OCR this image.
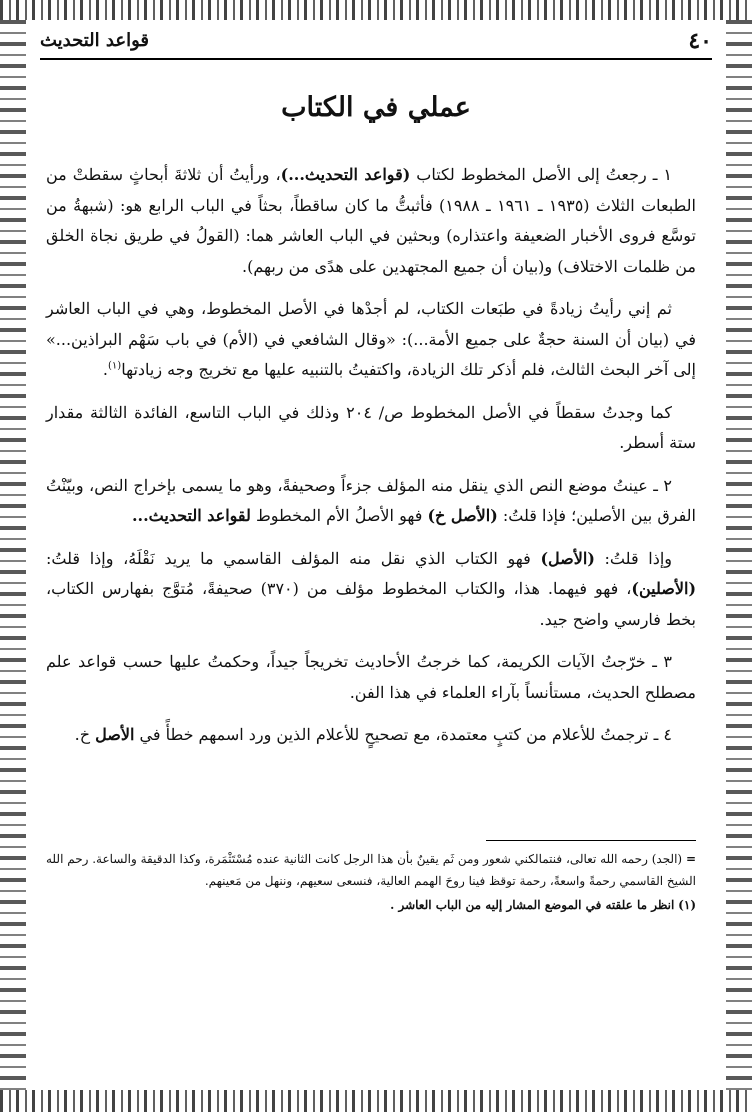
٤٠
قواعد التحديث
عملي في الكتاب

١ ـ رجعتُ إلى الأصل المخطوط لكتاب (قواعد التحديث...)، ورأيتُ أن ثلاثةَ أبحاثٍ سقطتْ من الطبعات الثلاث (١٩٣٥ ـ ١٩٦١ ـ ١٩٨٨) فأثبتُّ ما كان ساقطاً، بحثاً في الباب الرابع هو: (شبهةُ من توسَّع فروى الأخبار الضعيفة واعتذاره) وبحثين في الباب العاشر هما: (القولُ في طريق نجاة الخلق من ظلمات الاختلاف) و(بيان أن جميع المجتهدين على هدًى من ربهم).

ثم إني رأيتُ زيادةً في طبَعات الكتاب، لم أجدْها في الأصل المخطوط، وهي في الباب العاشر في (بيان أن السنة حجةٌ على جميع الأمة...): «وقال الشافعي في (الأم) في باب سَهْم البراذين...» إلى آخر البحث الثالث، فلم أذكر تلك الزيادة، واكتفيتُ بالتنبيه عليها مع تخريج وجه زيادتها$^{(١)}$.

كما وجدتُ سقطاً في الأصل المخطوط ص/ ٢٠٤ وذلك في الباب التاسع، الفائدة الثالثة مقدار ستة أسطر.

٢ ـ عينتُ موضع النص الذي ينقل منه المؤلف جزءاً وصحيفةً، وهو ما يسمى بإخراج النص، وبيّنْتُ الفرق بين الأصلين؛ فإذا قلتُ: (الأصل خ) فهو الأصلُ الأم المخطوط لقواعد التحديث...

وإذا قلتُ: (الأصل) فهو الكتاب الذي نقل منه المؤلف القاسمي ما يريد نَقْلَهُ، وإذا قلتُ: (الأصلين)، فهو فيهما. هذا، والكتاب المخطوط مؤلف من (٣٧٠) صحيفةً، مُتوَّج بفهارس الكتاب، بخط فارسي واضح جيد.

٣ ـ خرّجتُ الآيات الكريمة، كما خرجتُ الأحاديث تخريجاً جيداً، وحكمتُ عليها حسب قواعد علم مصطلح الحديث، مستأنساً بآراء العلماء في هذا الفن.

٤ ـ ترجمتُ للأعلام من كتبٍ معتمدة، مع تصحيحٍ للأعلام الذين ورد اسمهم خطأً في الأصل خ.

= (الجد) رحمه الله تعالى، فنتمالكني شعور ومن ثَم يقينٌ بأن هذا الرجل كانت الثانية عنده مُسْتَثْمَرة، وكذا الدقيقة والساعة. رحم الله الشيخ القاسمي رحمةً واسعةً، رحمة توقظ فينا روحَ الهمم العالية، فنسعى سعيهم، وننهل من مَعينهم.

(١) انظر ما علقته في الموضع المشار إليه من الباب العاشر .
